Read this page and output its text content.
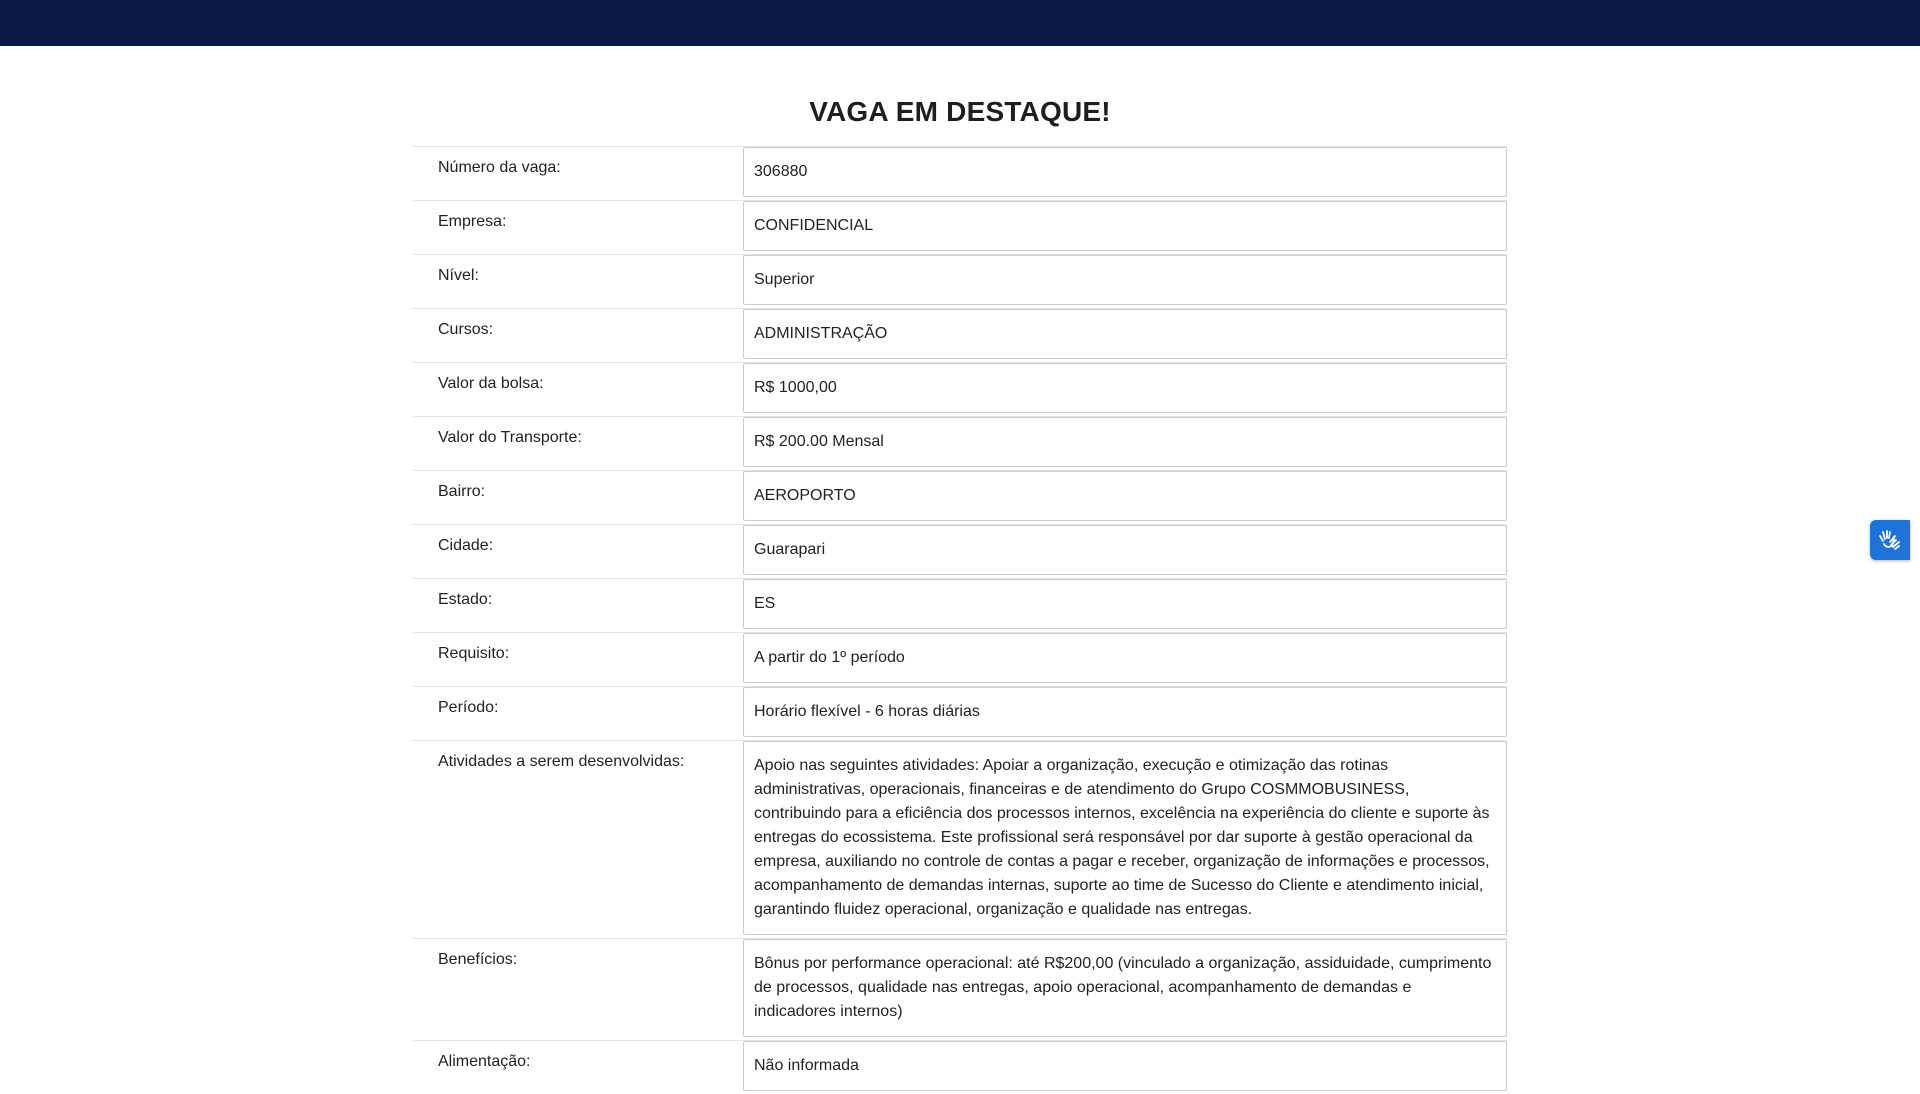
VAGA EM DESTAQUE!
Número da vaga:	306880
Empresa:	CONFIDENCIAL
Nível:	Superior
Cursos:	ADMINISTRAÇÃO
Valor da bolsa:	R$ 1000,00
Valor do Transporte:	R$ 200.00 Mensal
Bairro:	AEROPORTO
Cidade:	Guarapari
Estado:	ES
Requisito:	A partir do 1º período
Período:	Horário flexível - 6 horas diárias
Atividades a serem desenvolvidas:	Apoio nas seguintes atividades: Apoiar a organização, execução e otimização das rotinas administrativas, operacionais, financeiras e de atendimento do Grupo COSMMOBUSINESS, contribuindo para a eficiência dos processos internos, excelência na experiência do cliente e suporte às entregas do ecossistema. Este profissional será responsável por dar suporte à gestão operacional da empresa, auxiliando no controle de contas a pagar e receber, organização de informações e processos, acompanhamento de demandas internas, suporte ao time de Sucesso do Cliente e atendimento inicial, garantindo fluidez operacional, organização e qualidade nas entregas.
Benefícios:	Bônus por performance operacional: até R$200,00 (vinculado a organização, assiduidade, cumprimento de processos, qualidade nas entregas, apoio operacional, acompanhamento de demandas e indicadores internos)
Alimentação:	Não informada
